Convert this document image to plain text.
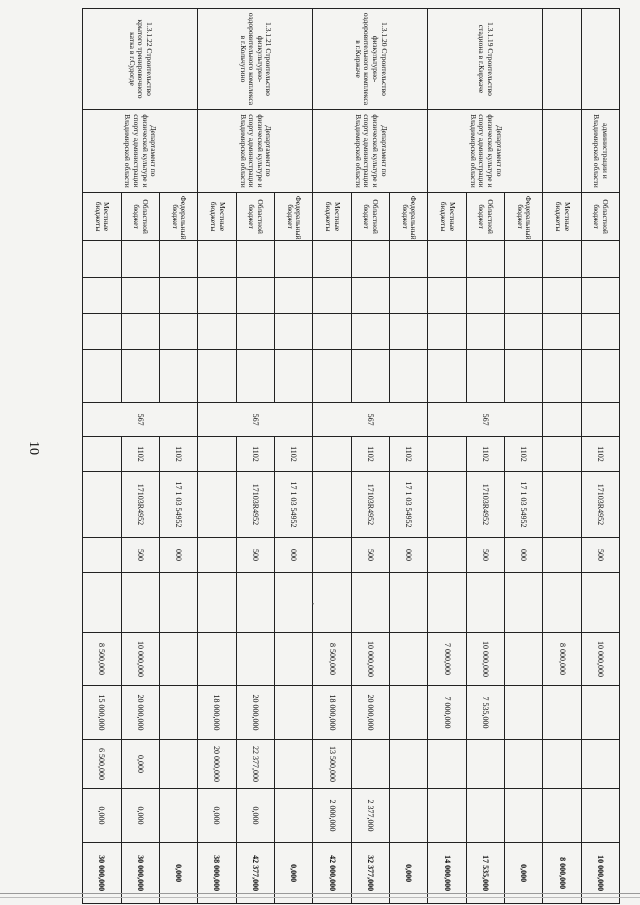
10
	администрации и Владимирской области	Областной бюджет						1102	17103R4952	500		10 000,000				10 000,000
		Местные бюджеты										8 000,000				8 000,000
1.3.1.19 Строительство стадиона в г.Киржаче	Департамент по физической культуре и спорту администрации Владимирской области	Федеральный бюджет					567	1102	17 1 03 54952	000						0,000
		Областной бюджет						1102	17103R4952	500		10 000,000	7 535,000			17 535,000
		Местные бюджеты										7 000,000	7 000,000			14 000,000
1.3.1.20 Строительство физкультурно-оздоровительного комплекса в г.Киржаче	Департамент по физической культуре и спорту администрации Владимирской области	Федеральный бюджет					567	1102	17 1 03 54952	000						0,000
		Областной бюджет						1102	17103R4952	500		10 000,000	20 000,000		2 377,000	32 377,000
		Местные бюджеты										8 500,000	18 000,000	13 500,000	2 000,000	42 000,000
1.3.1.21 Строительство физкультурно-оздоровительного комплекса в г.Кольчугино	Департамент по физической культуре и спорту администрации Владимирской области	Федеральный бюджет					567	1102	17 1 03 54952	000						0,000
		Областной бюджет						1102	17103R4952	500			20 000,000	22 377,000	0,000	42 377,000
		Местные бюджеты											18 000,000	20 000,000	0,000	38 000,000
1.3.1.22 Строительство крытого тренировочного катка в г.Судогде	Департамент по физической культуре и спорту администрации Владимирской области	Федеральный бюджет					567	1102	17 1 03 54952	000						0,000
		Областной бюджет						1102	17103R4952	500		10 000,000	20 000,000	0,000	0,000	30 000,000
		Местные бюджеты										8 500,000	15 000,000	6 500,000	0,000	30 000,000
•
